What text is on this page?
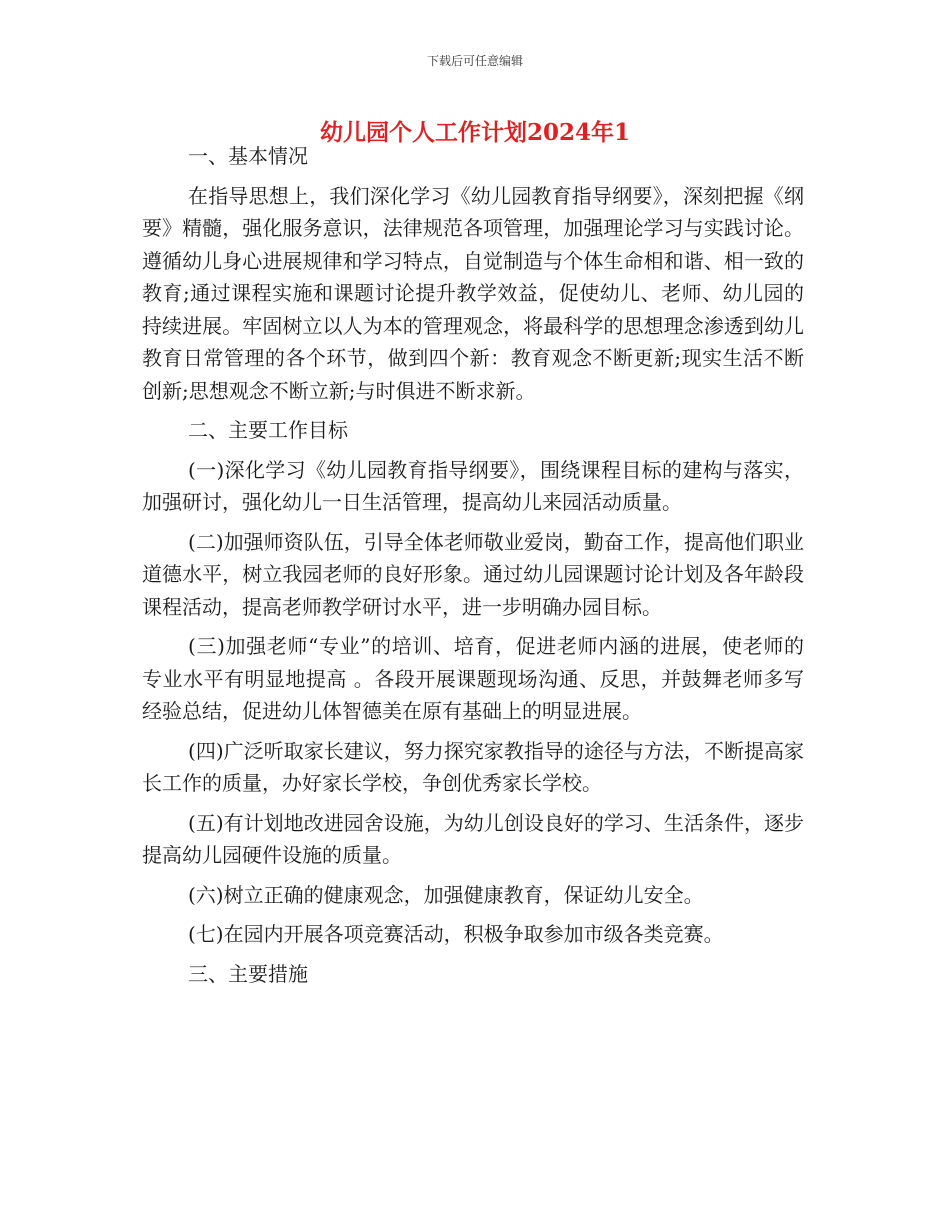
下载后可任意编辑
幼儿园个人工作计划2024年1

一、基本情况

在指导思想上，我们深化学习《幼儿园教育指导纲要》，深刻把握《纲要》精髓，强化服务意识，法律规范各项管理，加强理论学习与实践讨论。遵循幼儿身心进展规律和学习特点，自觉制造与个体生命相和谐、相一致的教育;通过课程实施和课题讨论提升教学效益，促使幼儿、老师、幼儿园的持续进展。牢固树立以人为本的管理观念，将最科学的思想理念渗透到幼儿教育日常管理的各个环节，做到四个新：教育观念不断更新;现实生活不断创新;思想观念不断立新;与时俱进不断求新。

二、主要工作目标

(一)深化学习《幼儿园教育指导纲要》，围绕课程目标的建构与落实，加强研讨，强化幼儿一日生活管理，提高幼儿来园活动质量。

(二)加强师资队伍，引导全体老师敬业爱岗，勤奋工作，提高他们职业道德水平，树立我园老师的良好形象。通过幼儿园课题讨论计划及各年龄段课程活动，提高老师教学研讨水平，进一步明确办园目标。

(三)加强老师“专业”的培训、培育，促进老师内涵的进展，使老师的专业水平有明显地提高 。各段开展课题现场沟通、反思，并鼓舞老师多写经验总结，促进幼儿体智德美在原有基础上的明显进展。

(四)广泛听取家长建议，努力探究家教指导的途径与方法，不断提高家长工作的质量，办好家长学校，争创优秀家长学校。

(五)有计划地改进园舍设施，为幼儿创设良好的学习、生活条件，逐步提高幼儿园硬件设施的质量。

(六)树立正确的健康观念，加强健康教育，保证幼儿安全。

(七)在园内开展各项竞赛活动，积极争取参加市级各类竞赛。

三、主要措施
